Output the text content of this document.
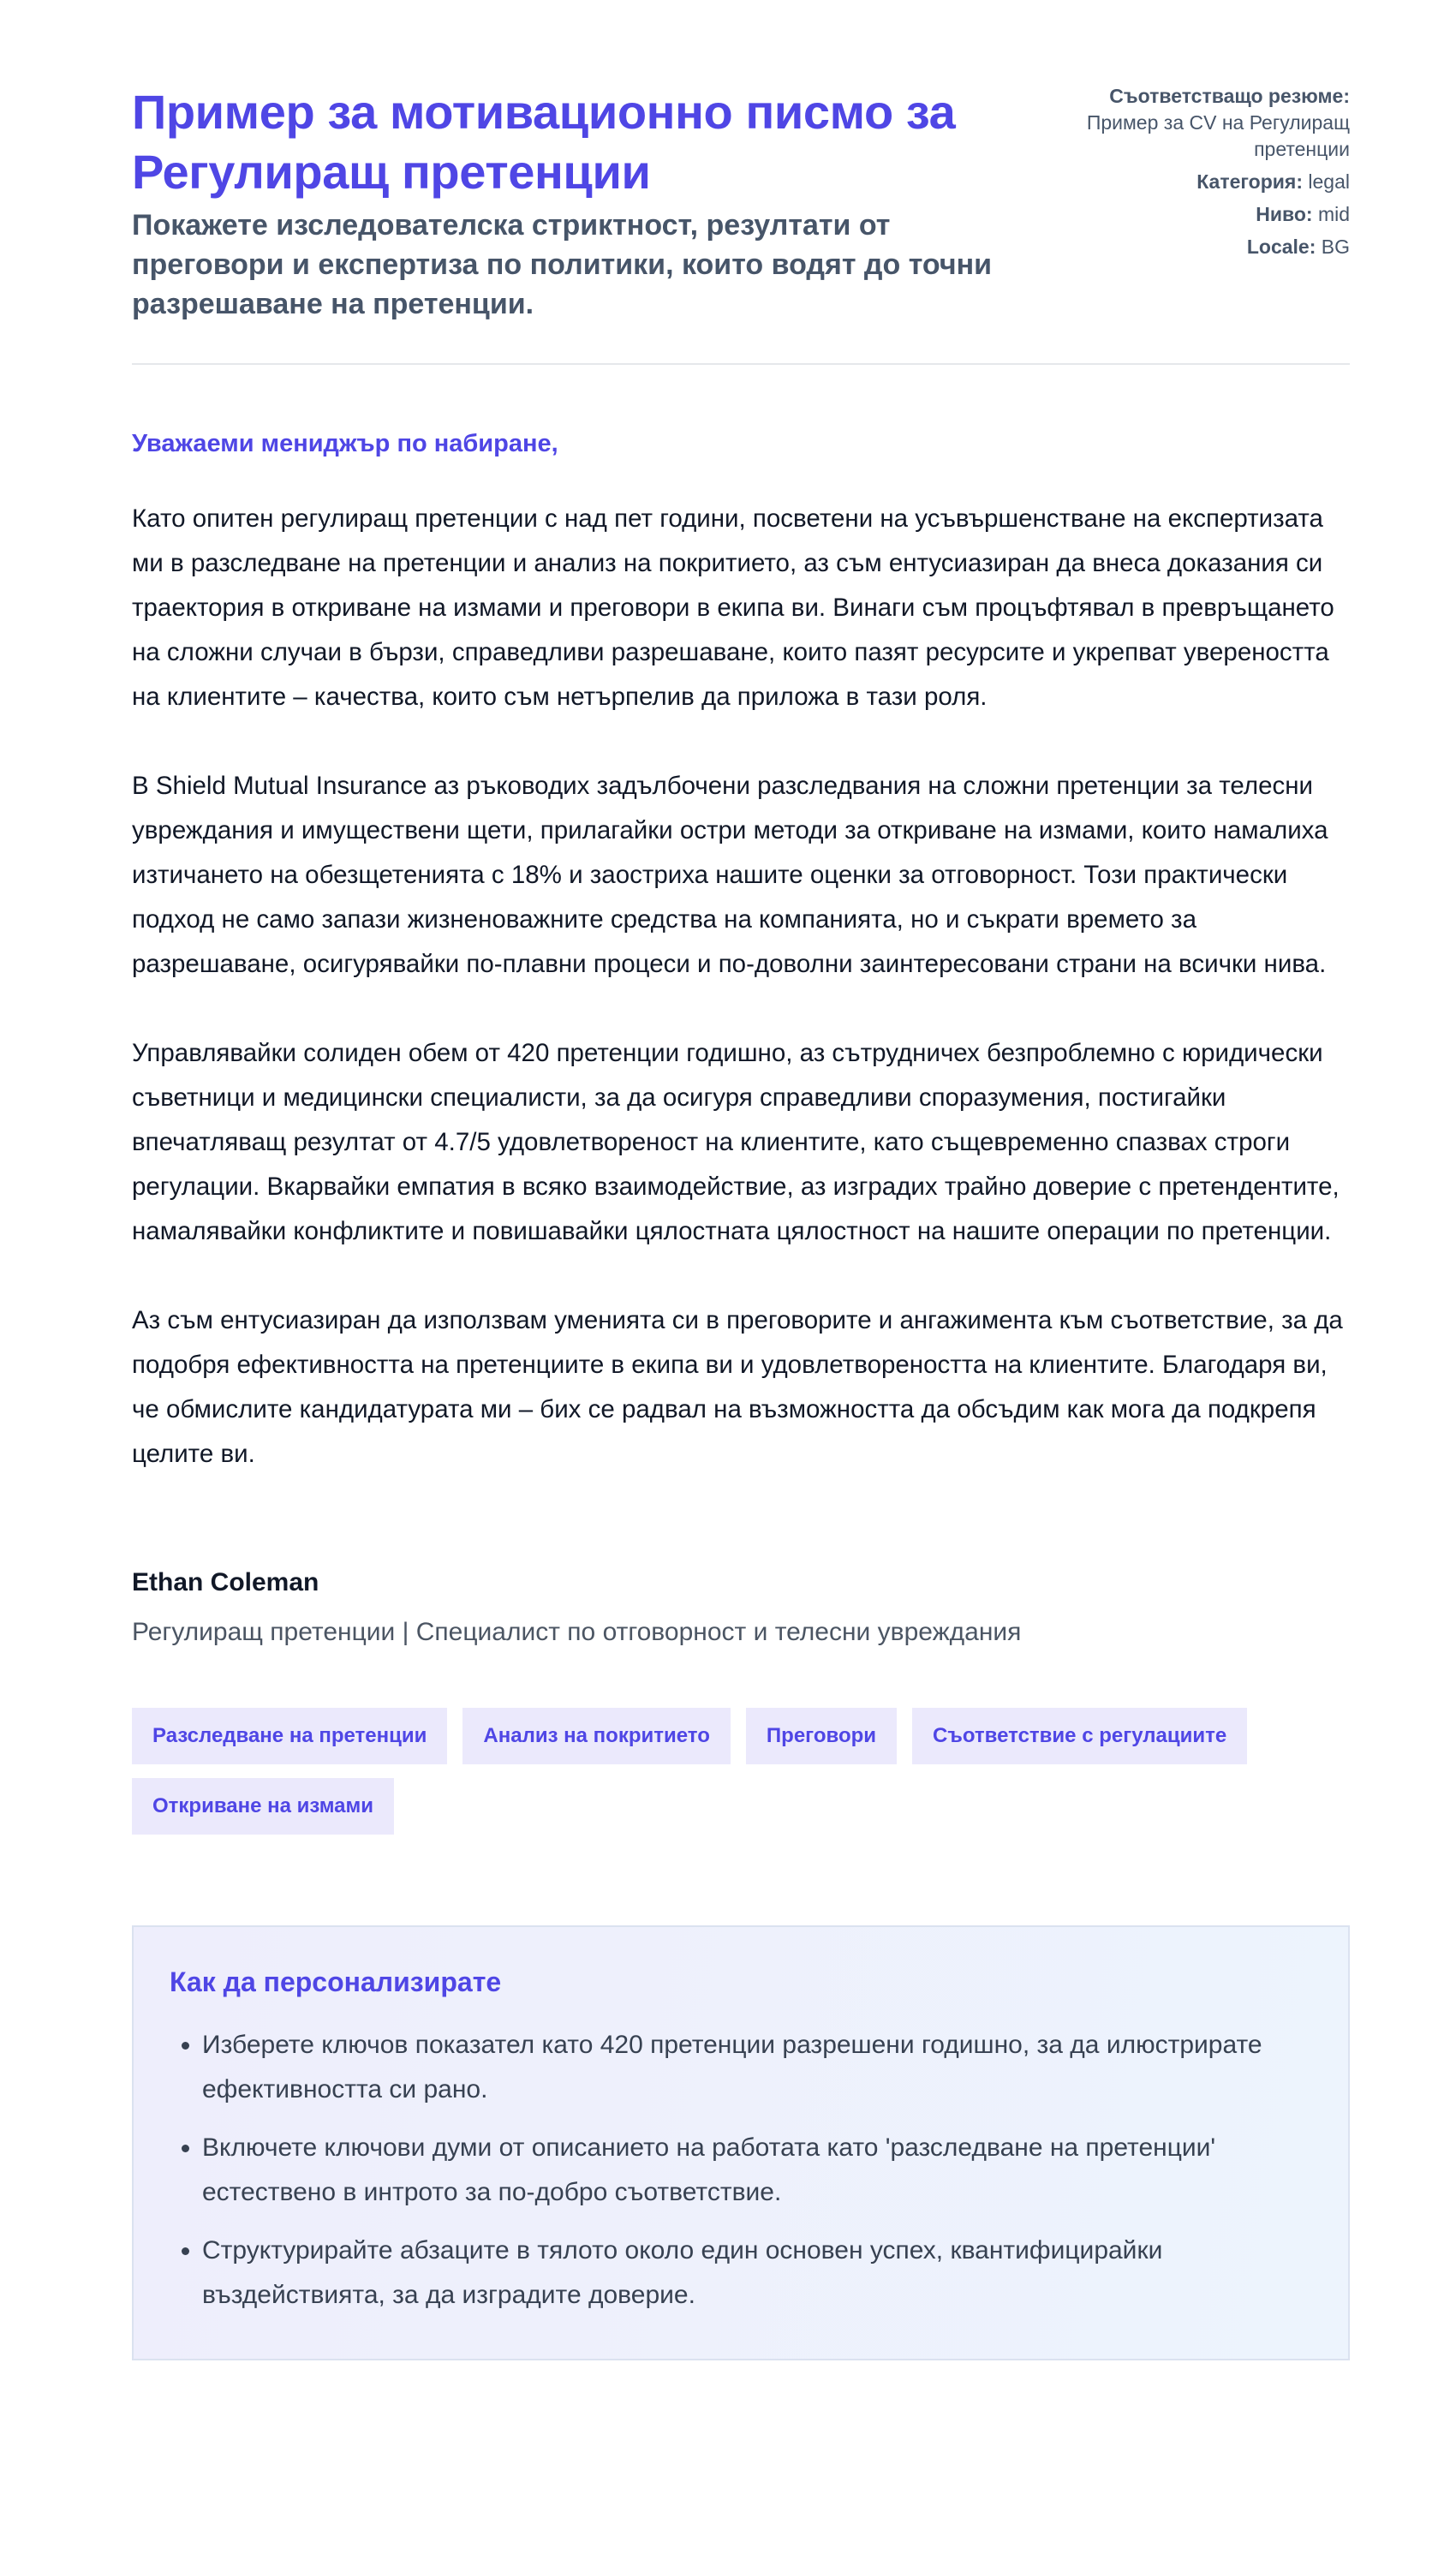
Пример за мотивационно писмо за Регулиращ претенции

Покажете изследователска стриктност, резултати от преговори и експертиза по политики, които водят до точни разрешаване на претенции.

Съответстващо резюме:
Пример за CV на Регулиращ претенции
Категория: legal
Ниво: mid
Locale: BG
Уважаеми мениджър по набиране,

Като опитен регулиращ претенции с над пет години, посветени на усъвършенстване на експертизата ми в разследване на претенции и анализ на покритието, аз съм ентусиазиран да внеса доказания си траектория в откриване на измами и преговори в екипа ви. Винаги съм процъфтявал в превръщането на сложни случаи в бързи, справедливи разрешаване, които пазят ресурсите и укрепват увереността на клиентите – качества, които съм нетърпелив да приложа в тази роля.

В Shield Mutual Insurance аз ръководих задълбочени разследвания на сложни претенции за телесни увреждания и имуществени щети, прилагайки остри методи за откриване на измами, които намалиха изтичането на обезщетенията с 18% и заостриха нашите оценки за отговорност. Този практически подход не само запази жизненоважните средства на компанията, но и съкрати времето за разрешаване, осигурявайки по-плавни процеси и по-доволни заинтересовани страни на всички нива.

Управлявайки солиден обем от 420 претенции годишно, аз сътрудничех безпроблемно с юридически съветници и медицински специалисти, за да осигуря справедливи споразумения, постигайки впечатляващ резултат от 4.7/5 удовлетвореност на клиентите, като същевременно спазвах строги регулации. Вкарвайки емпатия в всяко взаимодействие, аз изградих трайно доверие с претендентите, намалявайки конфликтите и повишавайки цялостната цялостност на нашите операции по претенции.

Аз съм ентусиазиран да използвам уменията си в преговорите и ангажимента към съответствие, за да подобря ефективността на претенциите в екипа ви и удовлетвореността на клиентите. Благодаря ви, че обмислите кандидатурата ми – бих се радвал на възможността да обсъдим как мога да подкрепя целите ви.

Ethan Coleman
Регулиращ претенции | Специалист по отговорност и телесни увреждания
Разследване на претенции	Анализ на покритието	Преговори	Съответствие с регулациите
Откриване на измами
Как да персонализирате
• Изберете ключов показател като 420 претенции разрешени годишно, за да илюстрирате ефективността си рано.
• Включете ключови думи от описанието на работата като 'разследване на претенции' естествено в интрото за по-добро съответствие.
• Структурирайте абзаците в тялото около един основен успех, квантифицирайки въздействията, за да изградите доверие.
